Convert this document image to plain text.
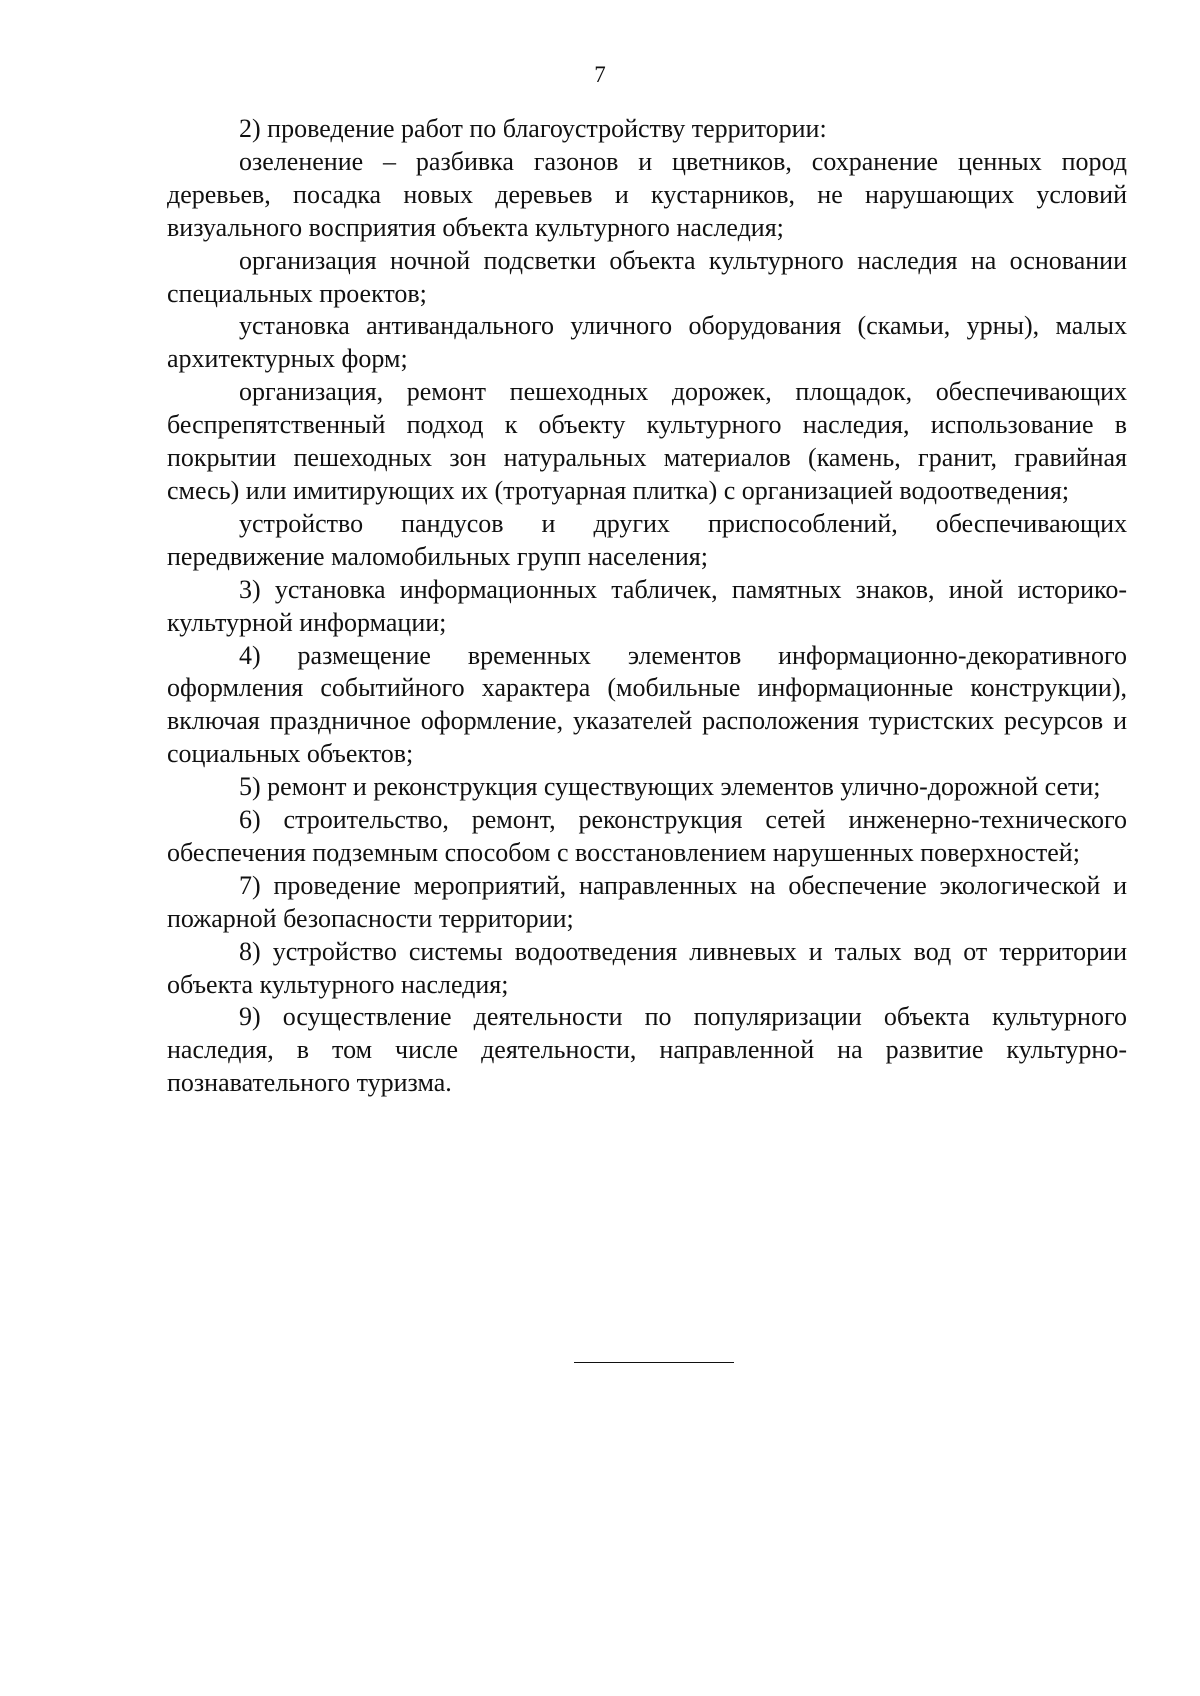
7

2) проведение работ по благоустройству территории:

озеленение – разбивка газонов и цветников, сохранение ценных пород деревьев, посадка новых деревьев и кустарников, не нарушающих условий визуального восприятия объекта культурного наследия;

организация ночной подсветки объекта культурного наследия на основании специальных проектов;

установка антивандального уличного оборудования (скамьи, урны), малых архитектурных форм;

организация, ремонт пешеходных дорожек, площадок, обеспечивающих беспрепятственный подход к объекту культурного наследия, использование в покрытии пешеходных зон натуральных материалов (камень, гранит, гравийная смесь) или имитирующих их (тротуарная плитка) с организацией водоотведения;

устройство пандусов и других приспособлений, обеспечивающих передвижение маломобильных групп населения;

3) установка информационных табличек, памятных знаков, иной историко-культурной информации;

4) размещение временных элементов информационно-декоративного оформления событийного характера (мобильные информационные конструкции), включая праздничное оформление, указателей расположения туристских ресурсов и социальных объектов;

5) ремонт и реконструкция существующих элементов улично-дорожной сети;

6) строительство, ремонт, реконструкция сетей инженерно-технического обеспечения подземным способом с восстановлением нарушенных поверхностей;

7) проведение мероприятий, направленных на обеспечение экологической и пожарной безопасности территории;

8) устройство системы водоотведения ливневых и талых вод от территории объекта культурного наследия;

9) осуществление деятельности по популяризации объекта культурного наследия, в том числе деятельности, направленной на развитие культурно-познавательного туризма.
